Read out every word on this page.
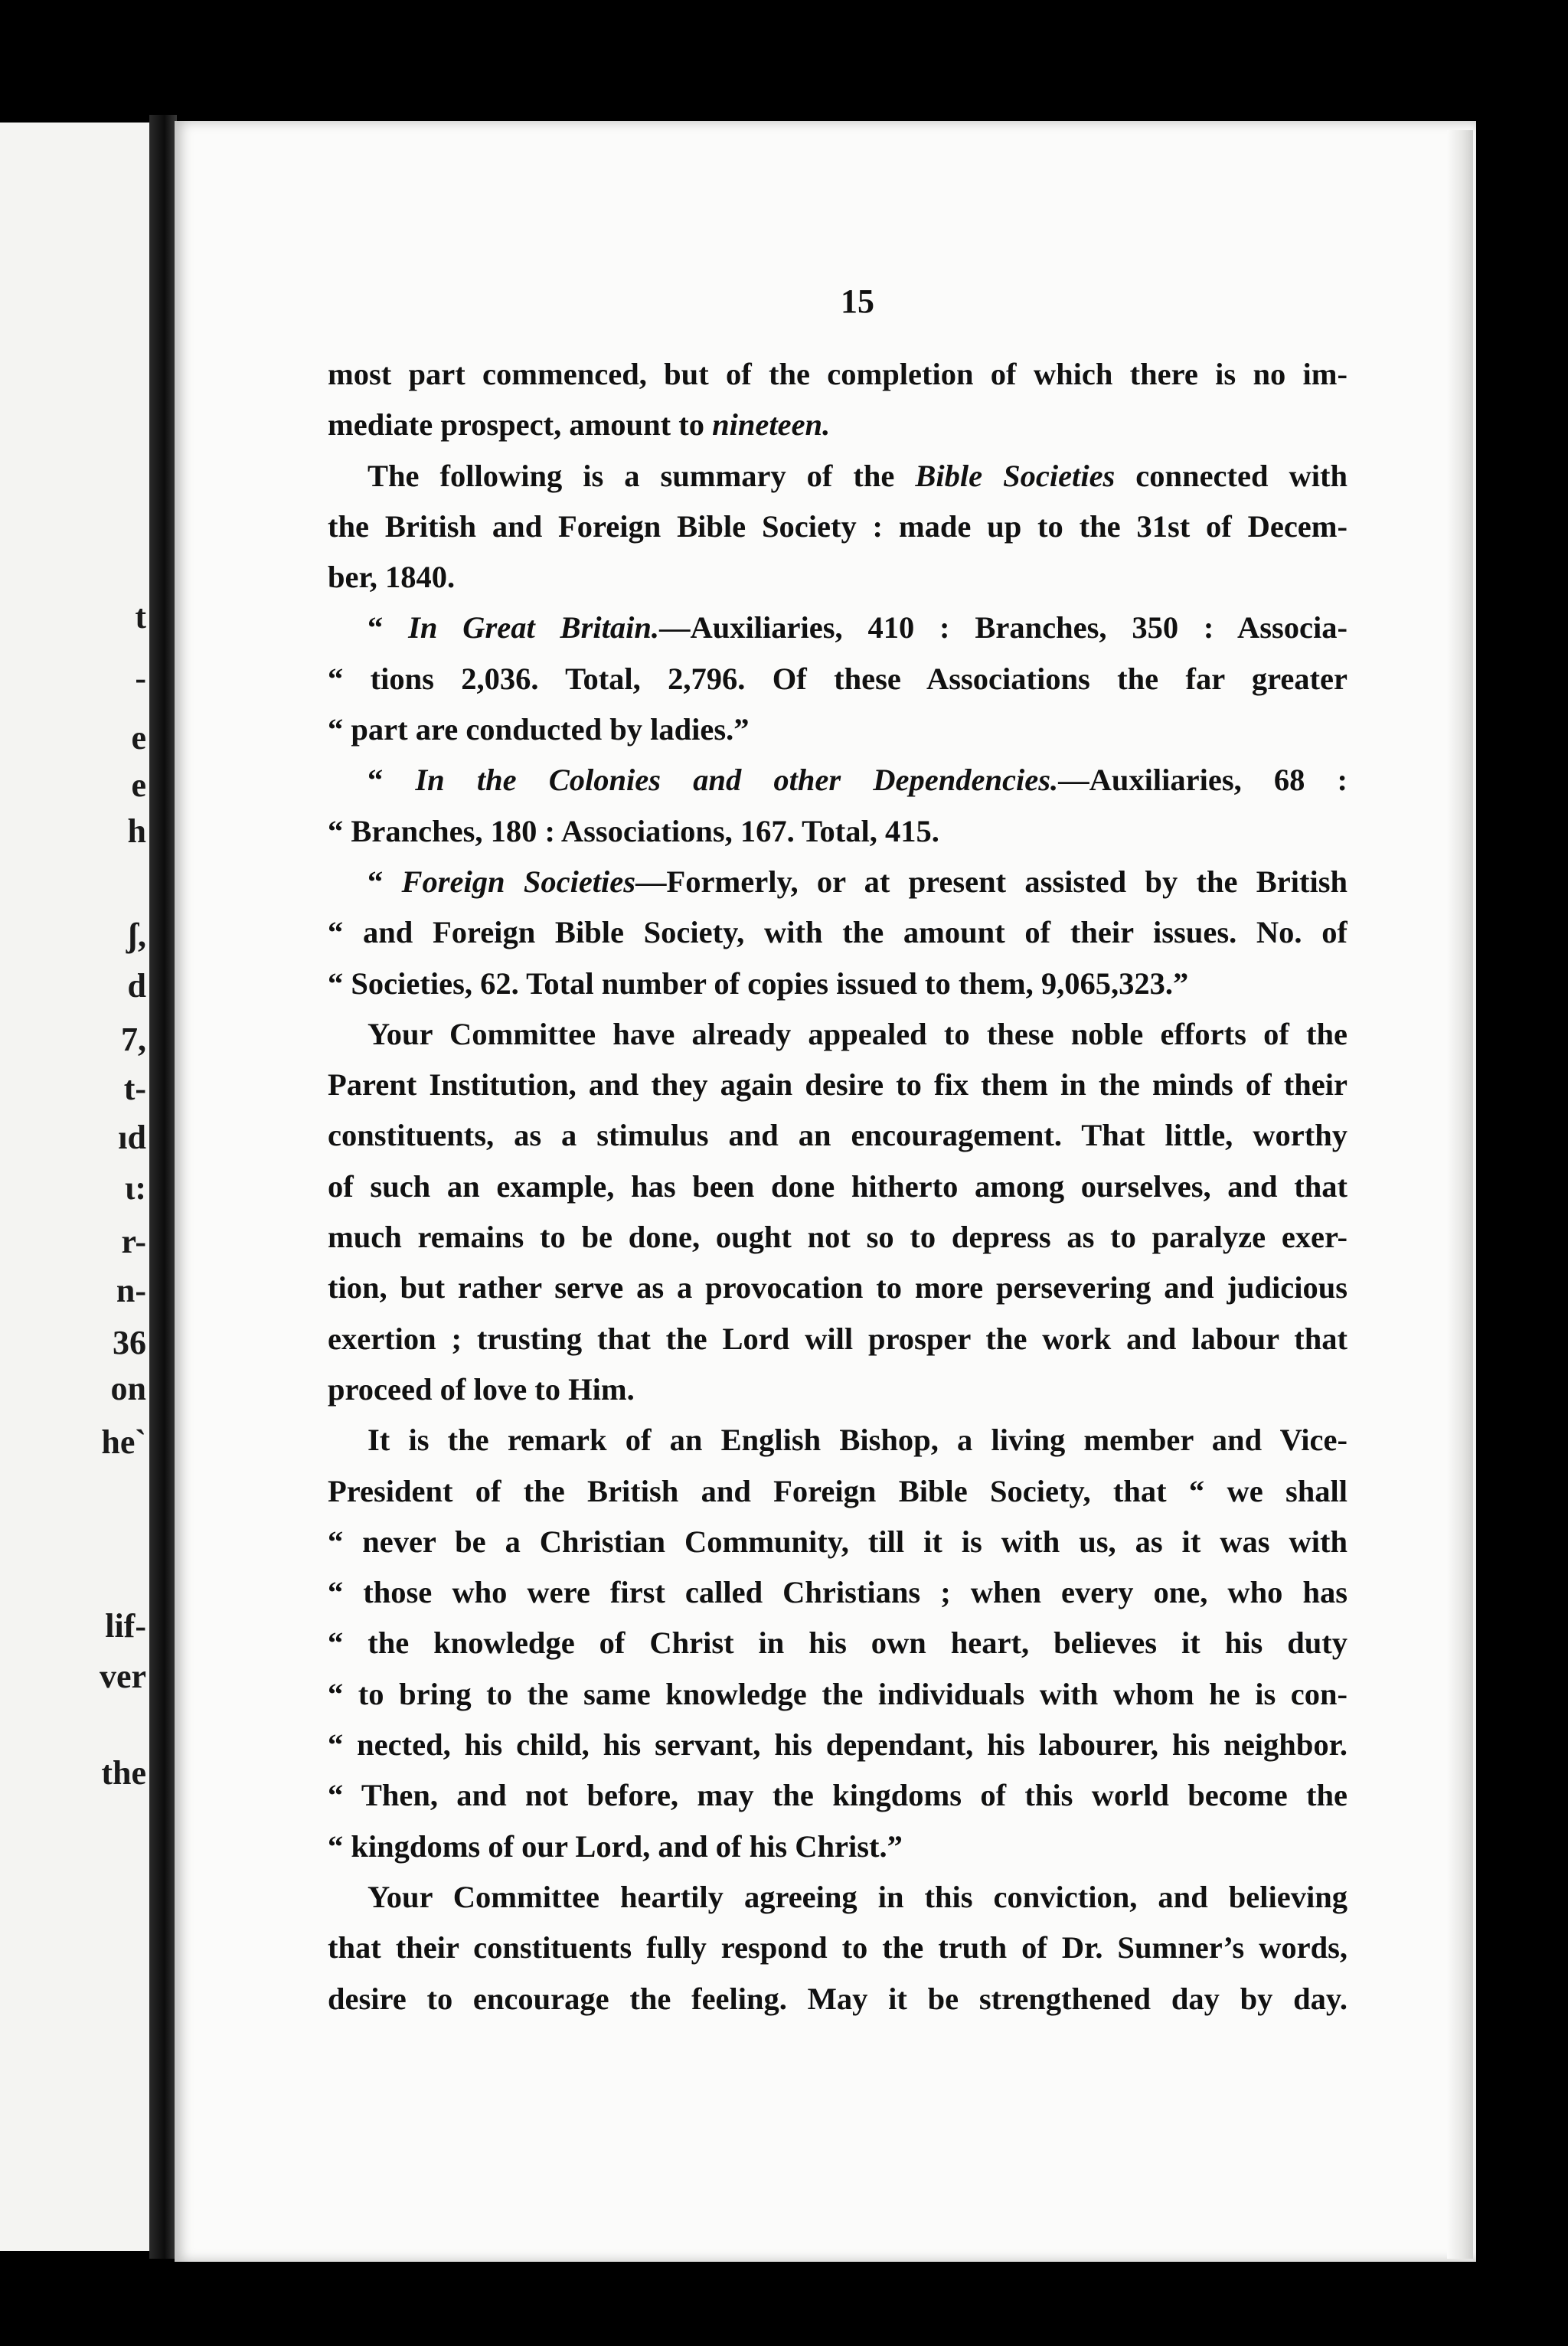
t
-
e
e
h
ʃ,
d
7,
t-
ıd
ι:
r-
n-
36
on
he`
lif-
ver
the
15
most part commenced, but of the completion of which there is no im-
mediate prospect, amount to nineteen.
The following is a summary of the Bible Societies connected with
the British and Foreign Bible Society : made up to the 31st of Decem-
ber, 1840.
“ In Great Britain.—Auxiliaries, 410 : Branches, 350 : Associa-
“ tions 2,036. Total, 2,796. Of these Associations the far greater
“ part are conducted by ladies.”
“ In the Colonies and other Dependencies.—Auxiliaries, 68 :
“ Branches, 180 : Associations, 167. Total, 415.
“ Foreign Societies—Formerly, or at present assisted by the British
“ and Foreign Bible Society, with the amount of their issues. No. of
“ Societies, 62. Total number of copies issued to them, 9,065,323.”
Your Committee have already appealed to these noble efforts of the
Parent Institution, and they again desire to fix them in the minds of their
constituents, as a stimulus and an encouragement. That little, worthy
of such an example, has been done hitherto among ourselves, and that
much remains to be done, ought not so to depress as to paralyze exer-
tion, but rather serve as a provocation to more persevering and judicious
exertion ; trusting that the Lord will prosper the work and labour that
proceed of love to Him.
It is the remark of an English Bishop, a living member and Vice-
President of the British and Foreign Bible Society, that “ we shall
“ never be a Christian Community, till it is with us, as it was with
“ those who were first called Christians ; when every one, who has
“ the knowledge of Christ in his own heart, believes it his duty
“ to bring to the same knowledge the individuals with whom he is con-
“ nected, his child, his servant, his dependant, his labourer, his neighbor.
“ Then, and not before, may the kingdoms of this world become the
“ kingdoms of our Lord, and of his Christ.”
Your Committee heartily agreeing in this conviction, and believing
that their constituents fully respond to the truth of Dr. Sumner’s words,
desire to encourage the feeling. May it be strengthened day by day.
